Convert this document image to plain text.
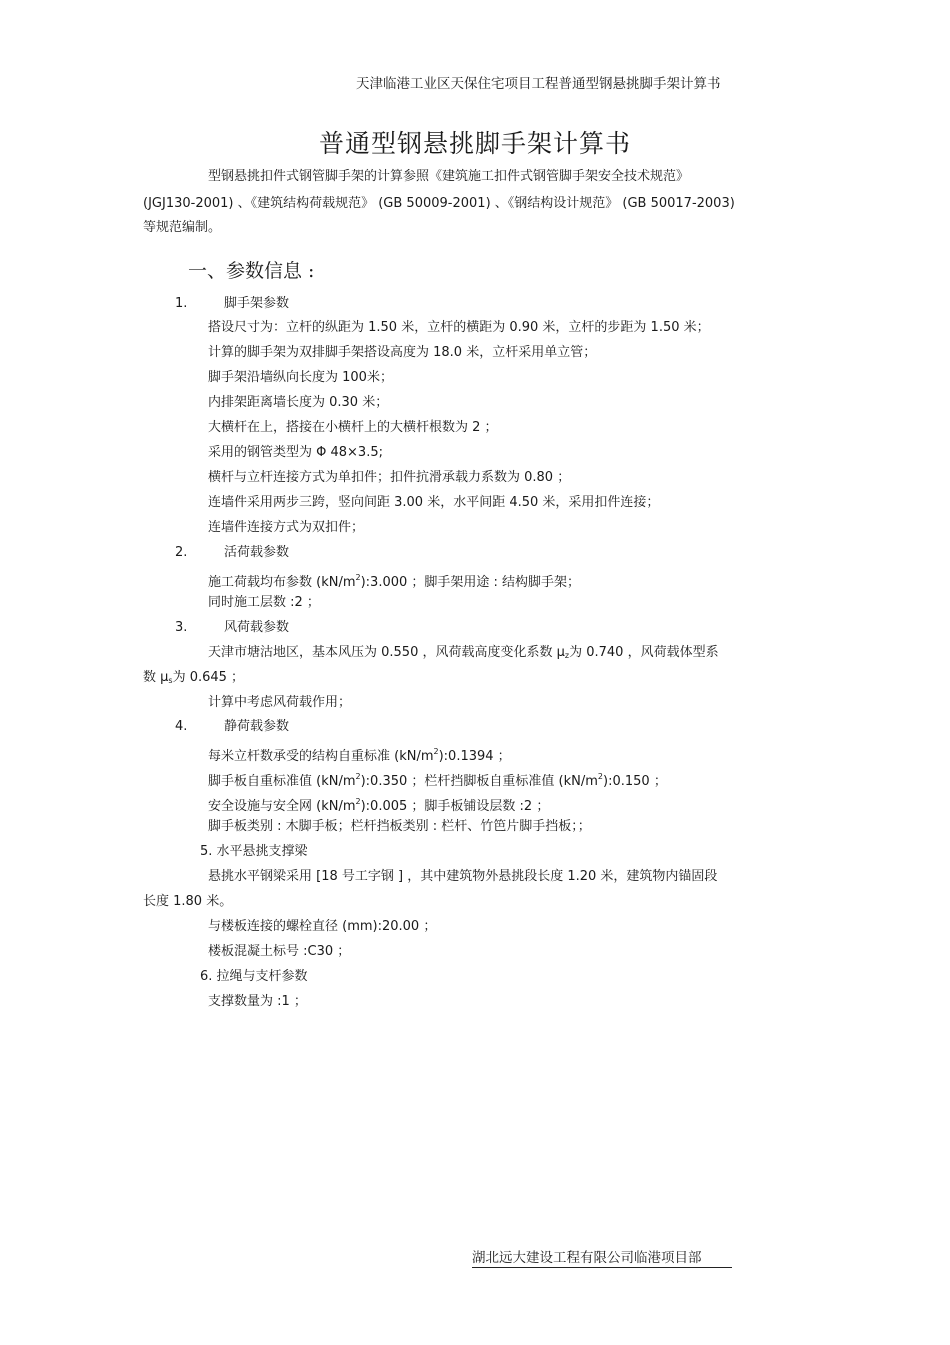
天津临港工业区天保住宅项目工程普通型钢悬挑脚手架计算书
普通型钢悬挑脚手架计算书
型钢悬挑扣件式钢管脚手架的计算参照《建筑施工扣件式钢管脚手架安全技术规范》
(JGJ130-2001) 、《建筑结构荷载规范》 (GB 50009-2001) 、《钢结构设计规范》 (GB 50017-2003)
等规范编制。
一、参数信息 :
1.	脚手架参数
搭设尺寸为：立杆的纵距为 1.50 米，立杆的横距为 0.90 米，立杆的步距为 1.50 米；
计算的脚手架为双排脚手架搭设高度为 18.0 米，立杆采用单立管；
脚手架沿墙纵向长度为 100米；
内排架距离墙长度为 0.30 米；
大横杆在上，搭接在小横杆上的大横杆根数为 2 ；
采用的钢管类型为 Φ 48×3.5;
横杆与立杆连接方式为单扣件；扣件抗滑承载力系数为 0.80 ；
连墙件采用两步三跨，竖向间距 3.00 米，水平间距 4.50 米，采用扣件连接；
连墙件连接方式为双扣件；
2.	活荷载参数
施工荷载均布参数 $(kN/m^2):3.000$ ；脚手架用途 : 结构脚手架；
同时施工层数 :2 ；
3.	风荷载参数
天津市塘沽地区，基本风压为 0.550 ，风荷载高度变化系数 $\mu_z$为 0.740 ，风荷载体型系
数 $\mu_s$为 0.645 ；
计算中考虑风荷载作用；
4.	静荷载参数
每米立杆数承受的结构自重标准 $(kN/m^2):0.1394$ ；
脚手板自重标准值 $(kN/m^2):0.350$ ；栏杆挡脚板自重标准值 $(kN/m^2):0.150$ ；
安全设施与安全网 $(kN/m^2):0.005$ ；脚手板铺设层数 :2 ；
脚手板类别 : 木脚手板；栏杆挡板类别 : 栏杆、竹笆片脚手挡板；；
5. 水平悬挑支撑梁
悬挑水平钢梁采用 [18 号工字钢 ] ，其中建筑物外悬挑段长度 1.20 米，建筑物内锚固段
长度 1.80 米。
与楼板连接的螺栓直径 (mm):20.00 ；
楼板混凝土标号 :C30 ；
6. 拉绳与支杆参数
支撑数量为 :1 ；
湖北远大建设工程有限公司临港项目部
